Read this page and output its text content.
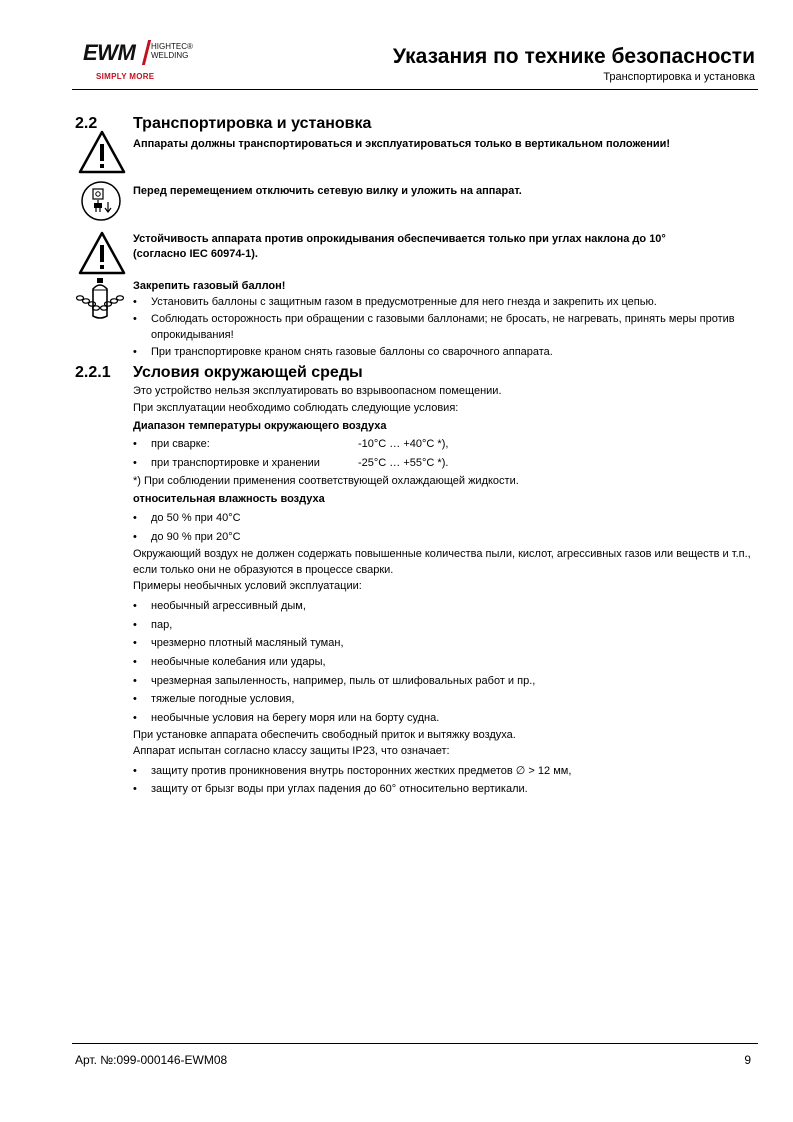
EWM HIGHTEC®
WELDING
SIMPLY MORE
Указания по технике безопасности
Транспортировка и установка
2.2 Транспортировка и установка
Аппараты должны транспортироваться и эксплуатироваться только в вертикальном положении!
Перед перемещением отключить сетевую вилку и уложить на аппарат.
Устойчивость аппарата против опрокидывания обеспечивается только при углах наклона до 10°
(согласно IEC 60974-1).
Закрепить газовый баллон!
• Установить баллоны с защитным газом в предусмотренные для него гнезда и закрепить их цепью.
• Соблюдать осторожность при обращении с газовыми баллонами; не бросать, не нагревать, принять меры против
опрокидывания!
• При транспортировке краном снять газовые баллоны со сварочного аппарата.
2.2.1 Условия окружающей среды
Это устройство нельзя эксплуатировать во взрывоопасном помещении.
При эксплуатации необходимо соблюдать следующие условия:
Диапазон температуры окружающего воздуха
• при сварке:	-10°C … +40°C *),
• при транспортировке и хранении	-25°C … +55°C *).
*) При соблюдении применения соответствующей охлаждающей жидкости.
относительная влажность воздуха
• до 50 % при 40°C
• до 90 % при 20°C
Окружающий воздух не должен содержать повышенные количества пыли, кислот, агрессивных газов или веществ и т.п.,
если только они не образуются в процессе сварки.
Примеры необычных условий эксплуатации:
• необычный агрессивный дым,
• пар,
• чрезмерно плотный масляный туман,
• необычные колебания или удары,
• чрезмерная запыленность, например, пыль от шлифовальных работ и пр.,
• тяжелые погодные условия,
• необычные условия на берегу моря или на борту судна.
При установке аппарата обеспечить свободный приток и вытяжку воздуха.
Аппарат испытан согласно классу защиты IP23, что означает:
• защиту против проникновения внутрь посторонних жестких предметов ∅ > 12 мм,
• защиту от брызг воды при углах падения до 60° относительно вертикали.
Арт. №:099-000146-EWM08	9
